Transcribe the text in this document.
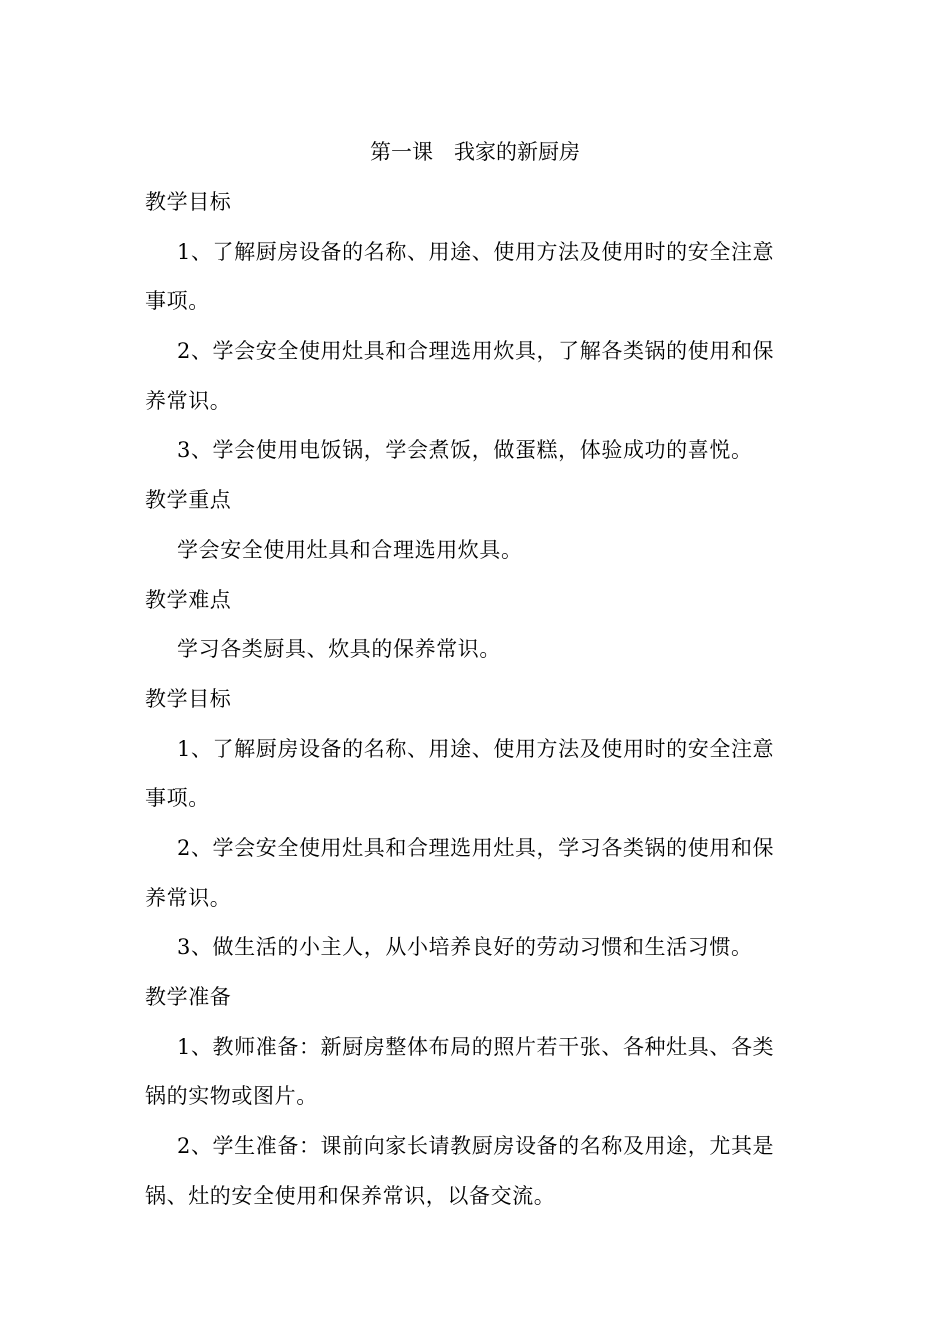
第一课　我家的新厨房
教学目标
1、了解厨房设备的名称、用途、使用方法及使用时的安全注意
事项。
2、学会安全使用灶具和合理选用炊具，了解各类锅的使用和保
养常识。
3、学会使用电饭锅，学会煮饭，做蛋糕，体验成功的喜悦。
教学重点
学会安全使用灶具和合理选用炊具。
教学难点
学习各类厨具、炊具的保养常识。
教学目标
1、了解厨房设备的名称、用途、使用方法及使用时的安全注意
事项。
2、学会安全使用灶具和合理选用灶具，学习各类锅的使用和保
养常识。
3、做生活的小主人，从小培养良好的劳动习惯和生活习惯。
教学准备
1、教师准备：新厨房整体布局的照片若干张、各种灶具、各类
锅的实物或图片。
2、学生准备：课前向家长请教厨房设备的名称及用途，尤其是
锅、灶的安全使用和保养常识，以备交流。
